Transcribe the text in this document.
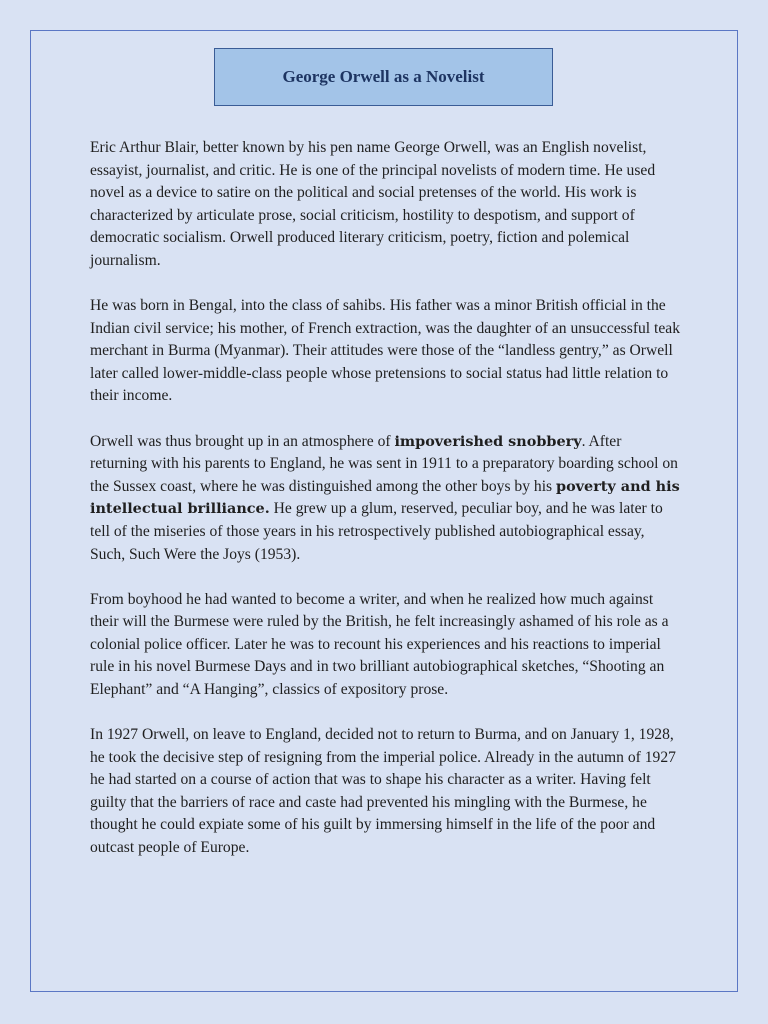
George Orwell as a Novelist

Eric Arthur Blair, better known by his pen name George Orwell, was an English novelist, essayist, journalist, and critic. He is one of the principal novelists of modern time. He used novel as a device to satire on the political and social pretenses of the world. His work is characterized by articulate prose, social criticism, hostility to despotism, and support of democratic socialism. Orwell produced literary criticism, poetry, fiction and polemical journalism.

He was born in Bengal, into the class of sahibs. His father was a minor British official in the Indian civil service; his mother, of French extraction, was the daughter of an unsuccessful teak merchant in Burma (Myanmar). Their attitudes were those of the “landless gentry,” as Orwell later called lower-middle-class people whose pretensions to social status had little relation to their income.

Orwell was thus brought up in an atmosphere of impoverished snobbery. After returning with his parents to England, he was sent in 1911 to a preparatory boarding school on the Sussex coast, where he was distinguished among the other boys by his poverty and his intellectual brilliance. He grew up a glum, reserved, peculiar boy, and he was later to tell of the miseries of those years in his retrospectively published autobiographical essay, Such, Such Were the Joys (1953).

From boyhood he had wanted to become a writer, and when he realized how much against their will the Burmese were ruled by the British, he felt increasingly ashamed of his role as a colonial police officer. Later he was to recount his experiences and his reactions to imperial rule in his novel Burmese Days and in two brilliant autobiographical sketches, “Shooting an Elephant” and “A Hanging”, classics of expository prose.

In 1927 Orwell, on leave to England, decided not to return to Burma, and on January 1, 1928, he took the decisive step of resigning from the imperial police. Already in the autumn of 1927 he had started on a course of action that was to shape his character as a writer. Having felt guilty that the barriers of race and caste had prevented his mingling with the Burmese, he thought he could expiate some of his guilt by immersing himself in the life of the poor and outcast people of Europe.
